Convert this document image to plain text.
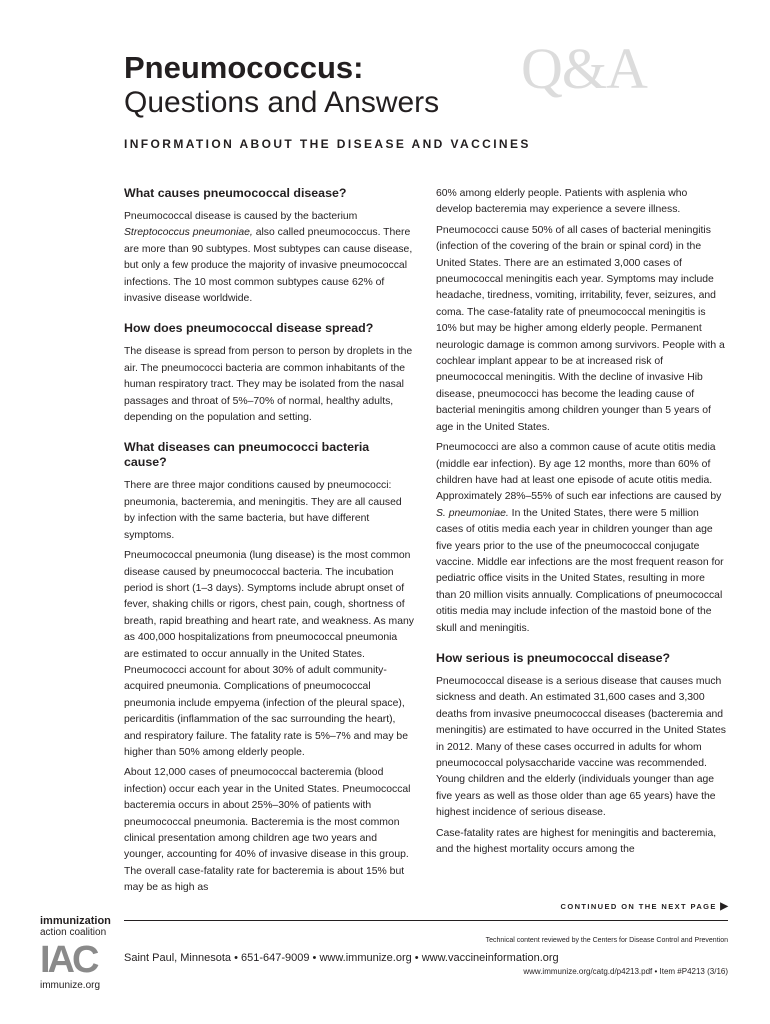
Q&A
Pneumococcus:
Questions and Answers
INFORMATION ABOUT THE DISEASE AND VACCINES
What causes pneumococcal disease?

Pneumococcal disease is caused by the bacterium Streptococcus pneumoniae, also called pneumococcus. There are more than 90 subtypes. Most subtypes can cause disease, but only a few produce the majority of invasive pneumococcal infections. The 10 most common subtypes cause 62% of invasive disease worldwide.

How does pneumococcal disease spread?

The disease is spread from person to person by droplets in the air. The pneumococci bacteria are common inhabitants of the human respiratory tract. They may be isolated from the nasal passages and throat of 5%–70% of normal, healthy adults, depending on the population and setting.

What diseases can pneumococci bacteria cause?

There are three major conditions caused by pneumococci: pneumonia, bacteremia, and meningitis. They are all caused by infection with the same bacteria, but have different symptoms.

Pneumococcal pneumonia (lung disease) is the most common disease caused by pneumococcal bacteria. The incubation period is short (1–3 days). Symptoms include abrupt onset of fever, shaking chills or rigors, chest pain, cough, shortness of breath, rapid breathing and heart rate, and weakness. As many as 400,000 hospitalizations from pneumococcal pneumonia are estimated to occur annually in the United States. Pneumococci account for about 30% of adult community-acquired pneumonia. Complications of pneumococcal pneumonia include empyema (infection of the pleural space), pericarditis (inflammation of the sac surrounding the heart), and respiratory failure. The fatality rate is 5%–7% and may be higher than 50% among elderly people.

About 12,000 cases of pneumococcal bacteremia (blood infection) occur each year in the United States. Pneumococcal bacteremia occurs in about 25%–30% of patients with pneumococcal pneumonia. Bacteremia is the most common clinical presentation among children age two years and younger, accounting for 40% of invasive disease in this group. The overall case-fatality rate for bacteremia is about 15% but may be as high as

60% among elderly people. Patients with asplenia who develop bacteremia may experience a severe illness.

Pneumococci cause 50% of all cases of bacterial meningitis (infection of the covering of the brain or spinal cord) in the United States. There are an estimated 3,000 cases of pneumococcal meningitis each year. Symptoms may include headache, tiredness, vomiting, irritability, fever, seizures, and coma. The case-fatality rate of pneumococcal meningitis is 10% but may be higher among elderly people. Permanent neurologic damage is common among survivors. People with a cochlear implant appear to be at increased risk of pneumococcal meningitis. With the decline of invasive Hib disease, pneumococci has become the leading cause of bacterial meningitis among children younger than 5 years of age in the United States.

Pneumococci are also a common cause of acute otitis media (middle ear infection). By age 12 months, more than 60% of children have had at least one episode of acute otitis media. Approximately 28%–55% of such ear infections are caused by S. pneumoniae. In the United States, there were 5 million cases of otitis media each year in children younger than age five years prior to the use of the pneumococcal conjugate vaccine. Middle ear infections are the most frequent reason for pediatric office visits in the United States, resulting in more than 20 million visits annually. Complications of pneumococcal otitis media may include infection of the mastoid bone of the skull and meningitis.

How serious is pneumococcal disease?

Pneumococcal disease is a serious disease that causes much sickness and death. An estimated 31,600 cases and 3,300 deaths from invasive pneumococcal diseases (bacteremia and meningitis) are estimated to have occurred in the United States in 2012. Many of these cases occurred in adults for whom pneumococcal polysaccharide vaccine was recommended. Young children and the elderly (individuals younger than age five years as well as those older than age 65 years) have the highest incidence of serious disease.

Case-fatality rates are highest for meningitis and bacteremia, and the highest mortality occurs among the

CONTINUED ON THE NEXT PAGE ▶
immunization
action coalition
IAC
immunize.org
Technical content reviewed by the Centers for Disease Control and Prevention
Saint Paul, Minnesota • 651-647-9009 • www.immunize.org • www.vaccineinformation.org
www.immunize.org/catg.d/p4213.pdf • Item #P4213 (3/16)
